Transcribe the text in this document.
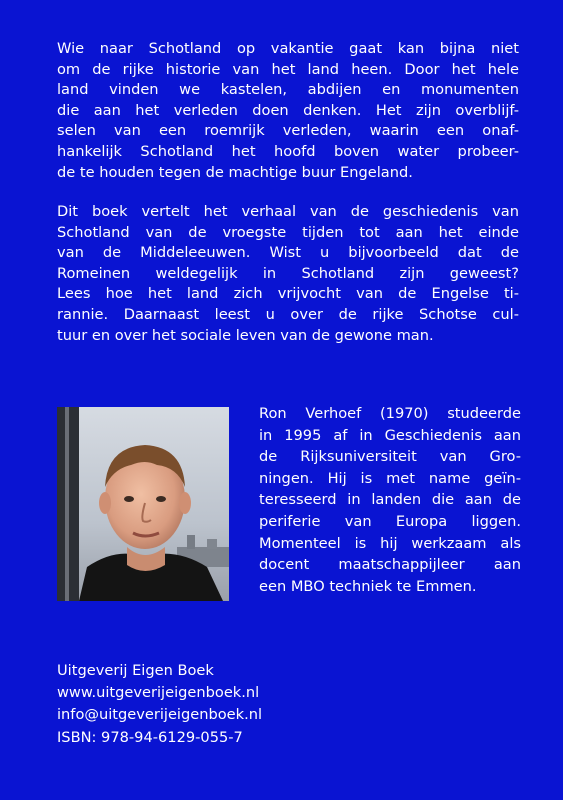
Wie naar Schotland op vakantie gaat kan bijna niet
om de rijke historie van het land heen. Door het hele
land vinden we kastelen, abdijen en monumenten
die aan het verleden doen denken. Het zijn overblijf-
selen van een roemrijk verleden, waarin een onaf-
hankelijk Schotland het hoofd boven water probeer-
de te houden tegen de machtige buur Engeland.
Dit boek vertelt het verhaal van de geschiedenis van
Schotland van de vroegste tijden tot aan het einde
van de Middeleeuwen. Wist u bijvoorbeeld dat de
Romeinen weldegelijk in Schotland zijn geweest?
Lees hoe het land zich vrijvocht van de Engelse ti-
rannie. Daarnaast leest u over de rijke Schotse cul-
tuur en over het sociale leven van de gewone man.
Ron Verhoef (1970) studeerde
in 1995 af in Geschiedenis aan
de Rijksuniversiteit van Gro-
ningen. Hij is met name geïn-
teresseerd in landen die aan de
periferie van Europa liggen.
Momenteel is hij werkzaam als
docent maatschappijleer aan
een MBO techniek te Emmen.
Uitgeverij Eigen Boek
www.uitgeverijeigenboek.nl
info@uitgeverijeigenboek.nl
ISBN: 978-94-6129-055-7
